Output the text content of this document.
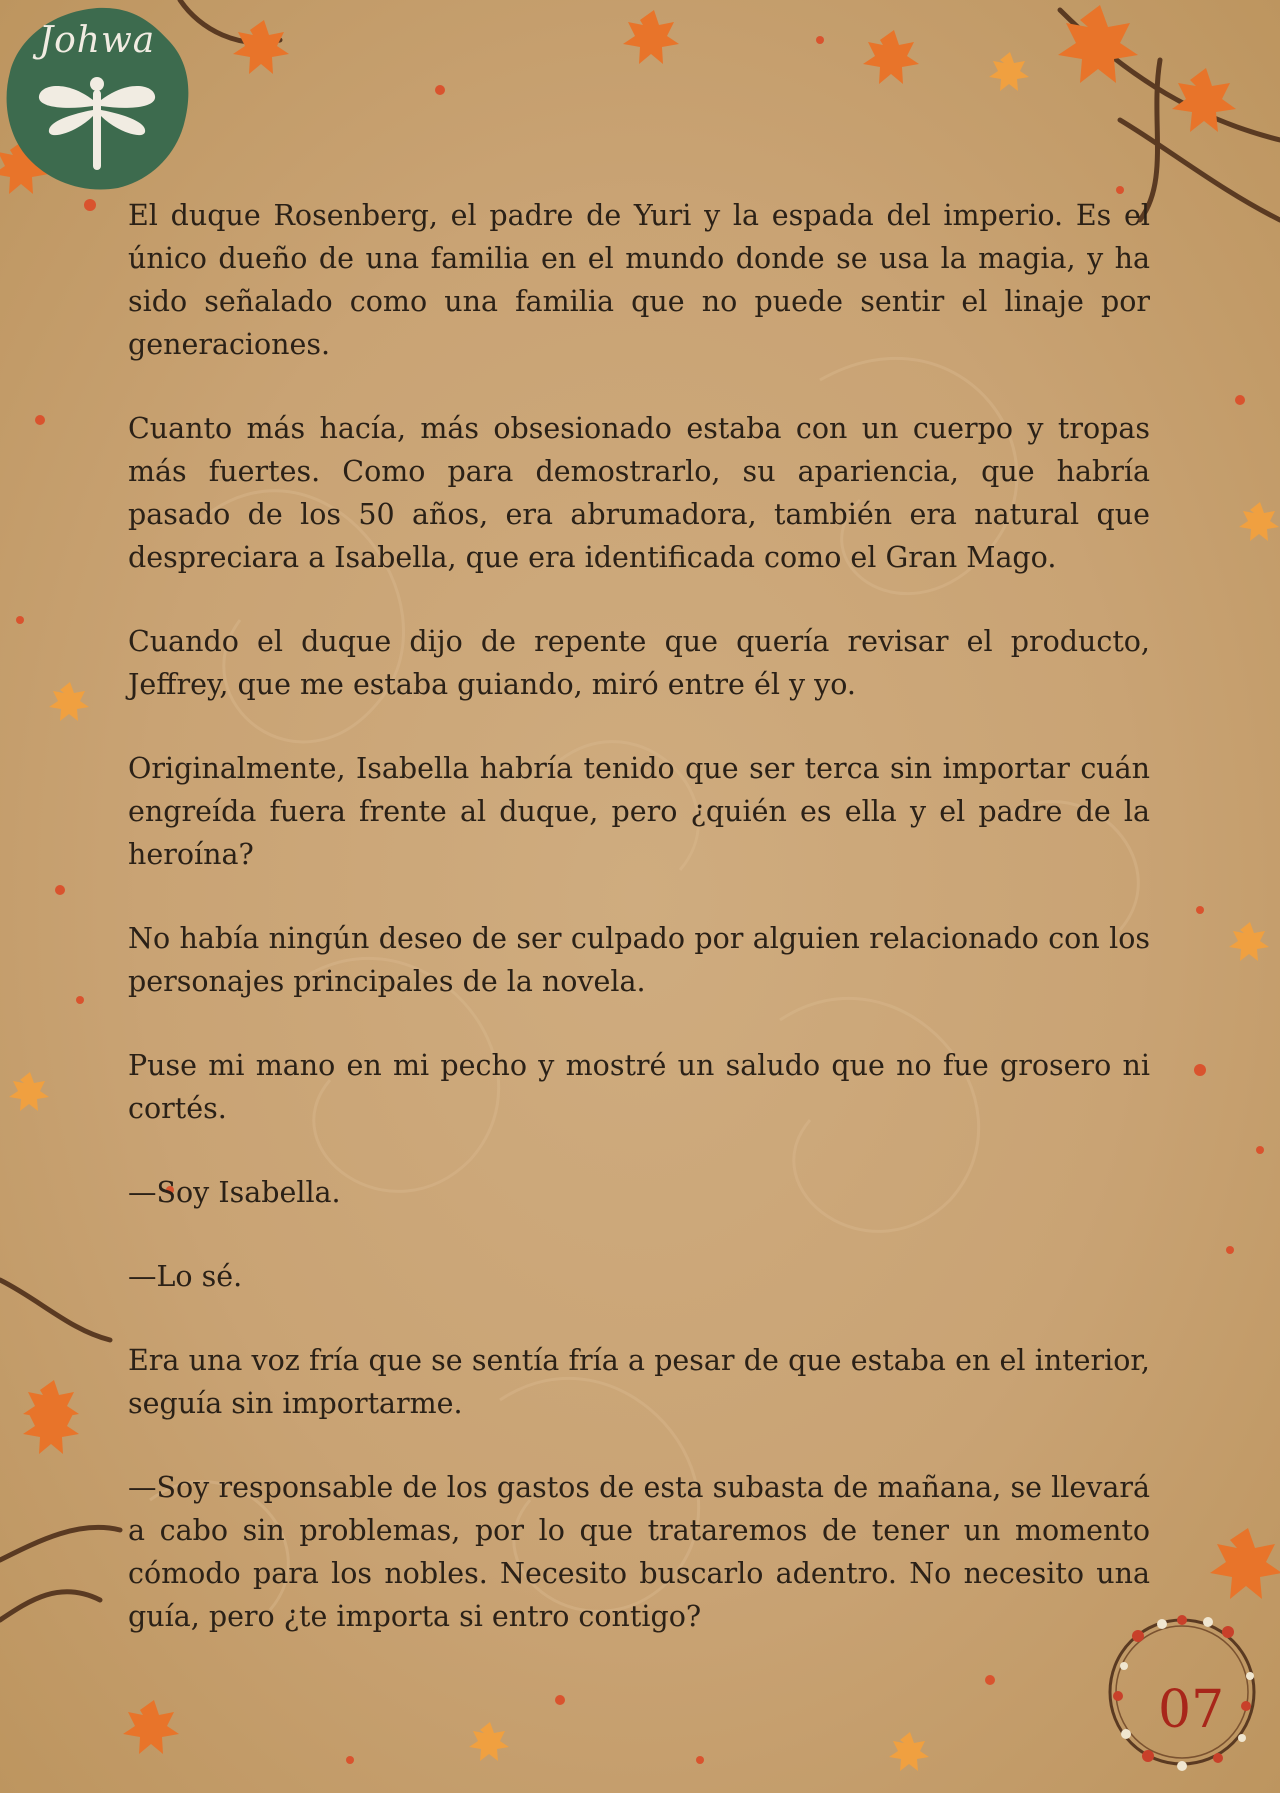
Johwa

El duque Rosenberg, el padre de Yuri y la espada del imperio. Es el único dueño de una familia en el mundo donde se usa la magia, y ha sido señalado como una familia que no puede sentir el linaje por generaciones.

Cuanto más hacía, más obsesionado estaba con un cuerpo y tropas más fuertes. Como para demostrarlo, su apariencia, que habría pasado de los 50 años, era abrumadora, también era natural que despreciara a Isabella, que era identificada como el Gran Mago.

Cuando el duque dijo de repente que quería revisar el producto, Jeffrey, que me estaba guiando, miró entre él y yo.

Originalmente, Isabella habría tenido que ser terca sin importar cuán engreída fuera frente al duque, pero ¿quién es ella y el padre de la heroína?

No había ningún deseo de ser culpado por alguien relacionado con los personajes principales de la novela.

Puse mi mano en mi pecho y mostré un saludo que no fue grosero ni cortés.

—Soy Isabella.

—Lo sé.

Era una voz fría que se sentía fría a pesar de que estaba en el interior, seguía sin importarme.

—Soy responsable de los gastos de esta subasta de mañana, se llevará a cabo sin problemas, por lo que trataremos de tener un momento cómodo para los nobles. Necesito buscarlo adentro. No necesito una guía, pero ¿te importa si entro contigo?

07
